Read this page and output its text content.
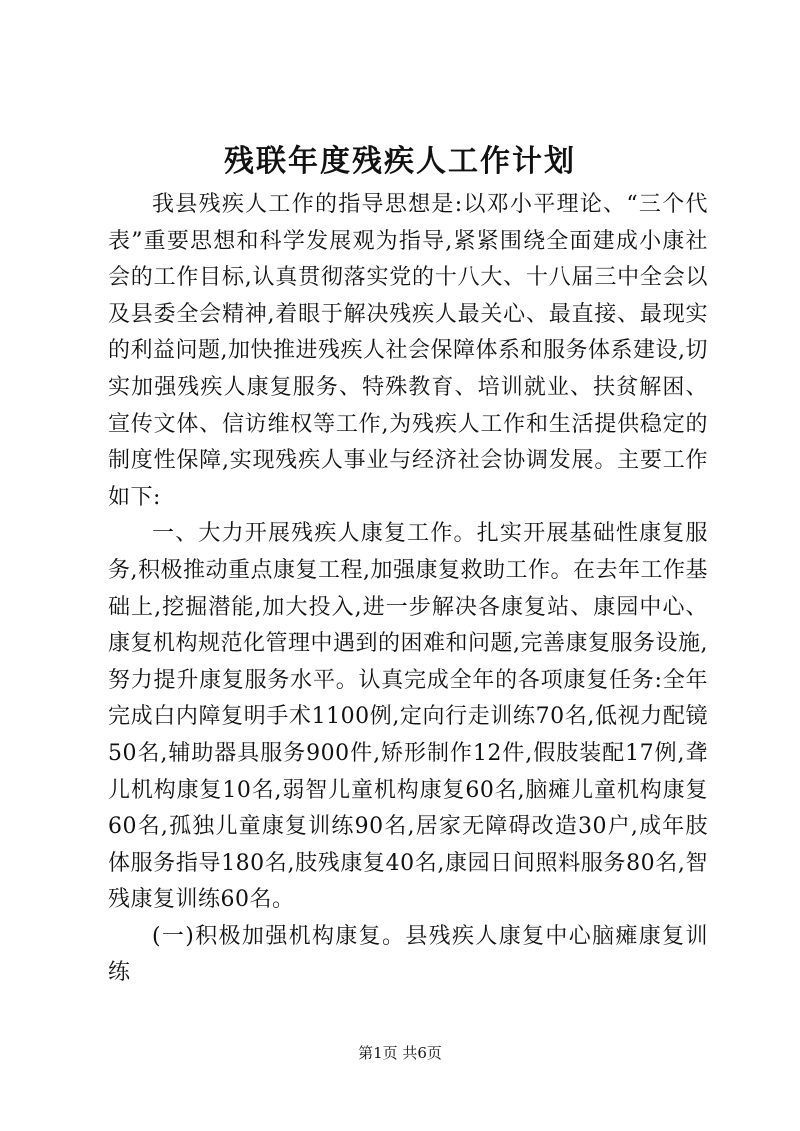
残联年度残疾人工作计划

我县残疾人工作的指导思想是:以邓小平理论、“三个代表”重要思想和科学发展观为指导,紧紧围绕全面建成小康社会的工作目标,认真贯彻落实党的十八大、十八届三中全会以及县委全会精神,着眼于解决残疾人最关心、最直接、最现实的利益问题,加快推进残疾人社会保障体系和服务体系建设,切实加强残疾人康复服务、特殊教育、培训就业、扶贫解困、宣传文体、信访维权等工作,为残疾人工作和生活提供稳定的制度性保障,实现残疾人事业与经济社会协调发展。主要工作如下:

一、大力开展残疾人康复工作。扎实开展基础性康复服务,积极推动重点康复工程,加强康复救助工作。在去年工作基础上,挖掘潜能,加大投入,进一步解决各康复站、康园中心、康复机构规范化管理中遇到的困难和问题,完善康复服务设施,努力提升康复服务水平。认真完成全年的各项康复任务:全年完成白内障复明手术1100例,定向行走训练70名,低视力配镜50名,辅助器具服务900件,矫形制作12件,假肢装配17例,聋儿机构康复10名,弱智儿童机构康复60名,脑瘫儿童机构康复60名,孤独儿童康复训练90名,居家无障碍改造30户,成年肢体服务指导180名,肢残康复40名,康园日间照料服务80名,智残康复训练60名。

(一)积极加强机构康复。县残疾人康复中心脑瘫康复训练

第1页 共6页
